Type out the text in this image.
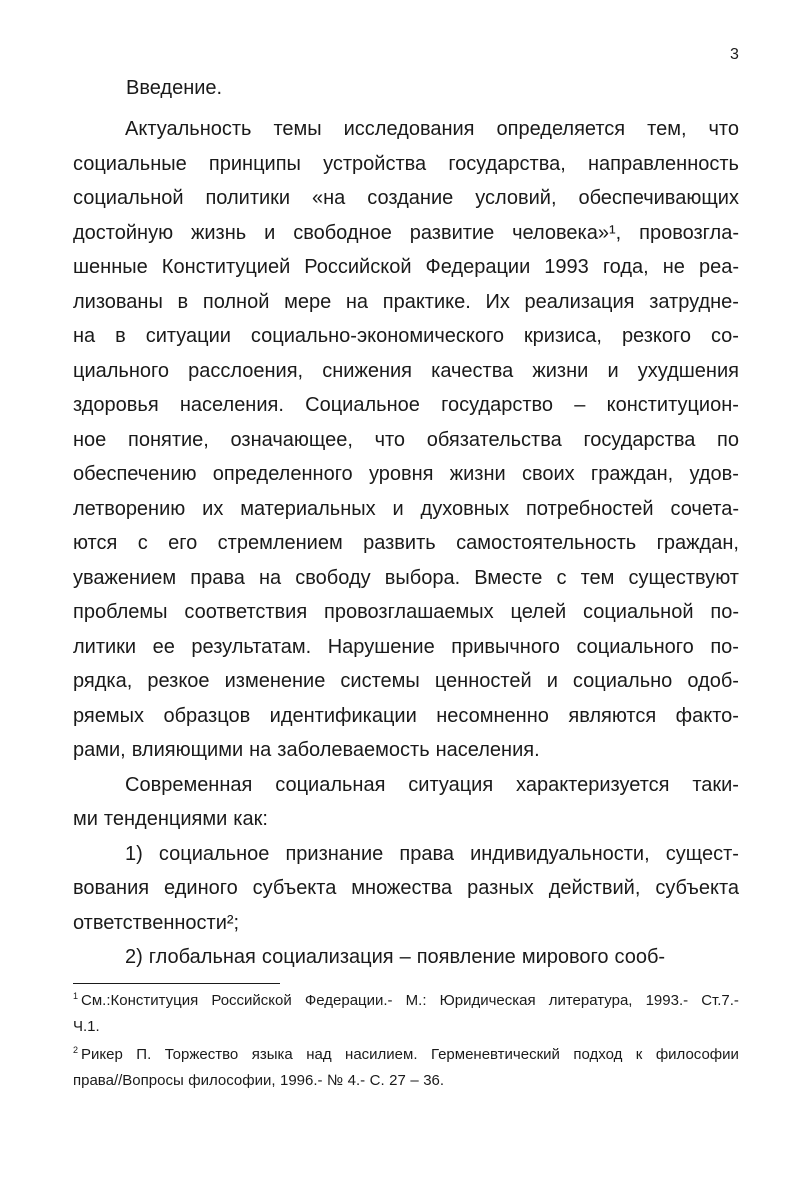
3
Введение.
Актуальность темы исследования определяется тем, что
социальные принципы устройства государства, направленность
социальной политики «на создание условий, обеспечивающих
достойную жизнь и свободное развитие человека»¹, провозгла-
шенные Конституцией Российской Федерации 1993 года, не реа-
лизованы в полной мере на практике. Их реализация затрудне-
на в ситуации социально-экономического кризиса, резкого со-
циального расслоения, снижения качества жизни и ухудшения
здоровья населения. Социальное государство – конституцион-
ное понятие, означающее, что обязательства государства по
обеспечению определенного уровня жизни своих граждан, удов-
летворению их материальных и духовных потребностей сочета-
ются с его стремлением развить самостоятельность граждан,
уважением права на свободу выбора. Вместе с тем существуют
проблемы соответствия провозглашаемых целей социальной по-
литики ее результатам. Нарушение привычного социального по-
рядка, резкое изменение системы ценностей и социально одоб-
ряемых образцов идентификации несомненно являются факто-
рами, влияющими на заболеваемость населения.
Современная социальная ситуация характеризуется таки-
ми тенденциями как:
1) социальное признание права индивидуальности, сущест-
вования единого субъекта множества разных действий, субъекта
ответственности²;
2) глобальная социализация – появление мирового сооб-
1 См.:Конституция Российской Федерации.- М.: Юридическая литература, 1993.- Ст.7.-
Ч.1.
2 Рикер П. Торжество языка над насилием. Герменевтический подход к философии
права//Вопросы философии, 1996.- № 4.- С. 27 – 36.
